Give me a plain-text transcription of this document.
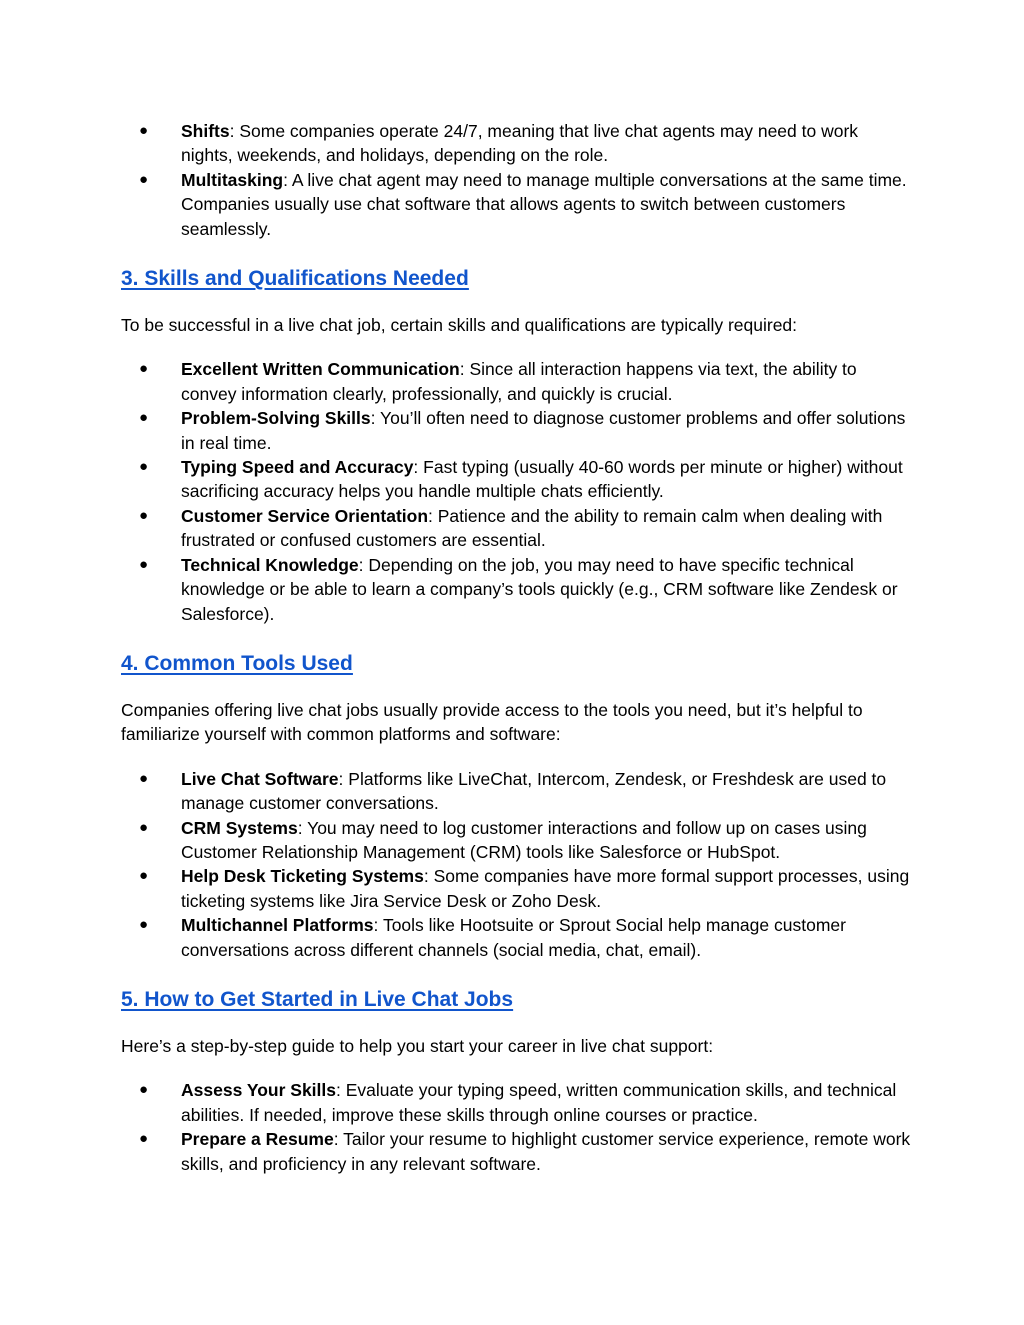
● Shifts: Some companies operate 24/7, meaning that live chat agents may need to work nights, weekends, and holidays, depending on the role.
● Multitasking: A live chat agent may need to manage multiple conversations at the same time. Companies usually use chat software that allows agents to switch between customers seamlessly.
3. Skills and Qualifications Needed

To be successful in a live chat job, certain skills and qualifications are typically required:

● Excellent Written Communication: Since all interaction happens via text, the ability to convey information clearly, professionally, and quickly is crucial.
● Problem-Solving Skills: You’ll often need to diagnose customer problems and offer solutions in real time.
● Typing Speed and Accuracy: Fast typing (usually 40-60 words per minute or higher) without sacrificing accuracy helps you handle multiple chats efficiently.
● Customer Service Orientation: Patience and the ability to remain calm when dealing with frustrated or confused customers are essential.
● Technical Knowledge: Depending on the job, you may need to have specific technical knowledge or be able to learn a company’s tools quickly (e.g., CRM software like Zendesk or Salesforce).
4. Common Tools Used

Companies offering live chat jobs usually provide access to the tools you need, but it’s helpful to familiarize yourself with common platforms and software:

● Live Chat Software: Platforms like LiveChat, Intercom, Zendesk, or Freshdesk are used to manage customer conversations.
● CRM Systems: You may need to log customer interactions and follow up on cases using Customer Relationship Management (CRM) tools like Salesforce or HubSpot.
● Help Desk Ticketing Systems: Some companies have more formal support processes, using ticketing systems like Jira Service Desk or Zoho Desk.
● Multichannel Platforms: Tools like Hootsuite or Sprout Social help manage customer conversations across different channels (social media, chat, email).
5. How to Get Started in Live Chat Jobs

Here’s a step-by-step guide to help you start your career in live chat support:

● Assess Your Skills: Evaluate your typing speed, written communication skills, and technical abilities. If needed, improve these skills through online courses or practice.
● Prepare a Resume: Tailor your resume to highlight customer service experience, remote work skills, and proficiency in any relevant software.
